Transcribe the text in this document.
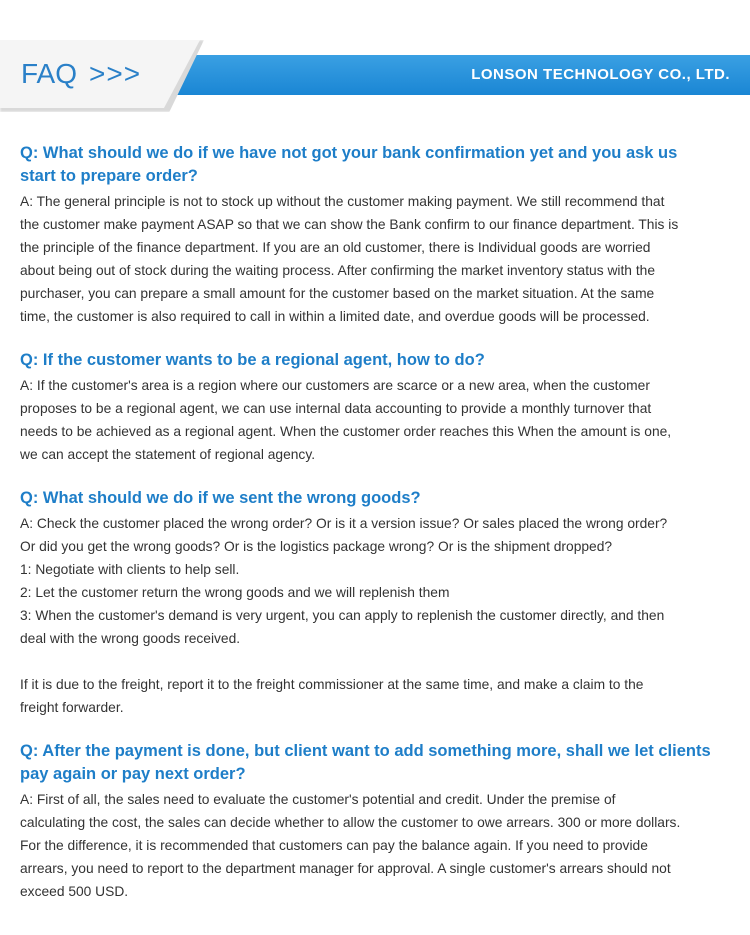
LONSON TECHNOLOGY CO., LTD.
FAQ >>>
Q: What should we do if we have not got your bank confirmation yet and you ask us
start to prepare order?
A: The general principle is not to stock up without the customer making payment. We still recommend that
the customer make payment ASAP so that we can show the Bank confirm to our finance department. This is
the principle of the finance department. If you are an old customer, there is Individual goods are worried
about being out of stock during the waiting process. After confirming the market inventory status with the
purchaser, you can prepare a small amount for the customer based on the market situation. At the same
time, the customer is also required to call in within a limited date, and overdue goods will be processed.
Q: If the customer wants to be a regional agent, how to do?
A: If the customer's area is a region where our customers are scarce or a new area, when the customer
proposes to be a regional agent, we can use internal data accounting to provide a monthly turnover that
needs to be achieved as a regional agent. When the customer order reaches this When the amount is one,
we can accept the statement of regional agency.
Q: What should we do if we sent the wrong goods?
A: Check the customer placed the wrong order? Or is it a version issue? Or sales placed the wrong order?
Or did you get the wrong goods? Or is the logistics package wrong? Or is the shipment dropped?
1: Negotiate with clients to help sell.
2: Let the customer return the wrong goods and we will replenish them
3: When the customer's demand is very urgent, you can apply to replenish the customer directly, and then
deal with the wrong goods received.
If it is due to the freight, report it to the freight commissioner at the same time, and make a claim to the
freight forwarder.
Q: After the payment is done, but client want to add something more, shall we let clients
pay again or pay next order?
A: First of all, the sales need to evaluate the customer's potential and credit. Under the premise of
calculating the cost, the sales can decide whether to allow the customer to owe arrears. 300 or more dollars.
For the difference, it is recommended that customers can pay the balance again. If you need to provide
arrears, you need to report to the department manager for approval. A single customer's arrears should not
exceed 500 USD.
